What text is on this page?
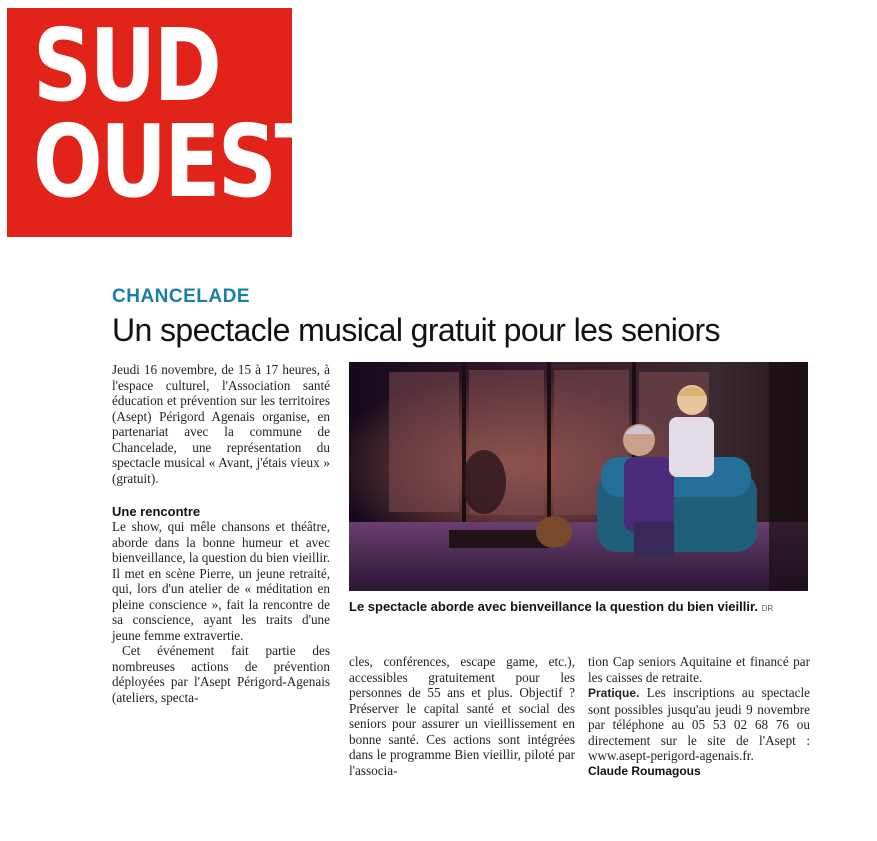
SUD
OUEST
CHANCELADE
Un spectacle musical gratuit pour les seniors

Jeudi 16 novembre, de 15 à 17 heures, à l'espace culturel, l'Association santé éducation et prévention sur les territoires (Asept) Périgord Agenais organise, en partenariat avec la commune de Chancelade, une représentation du spectacle musical « Avant, j'étais vieux » (gratuit).

Une rencontre

Le show, qui mêle chansons et théâtre, aborde dans la bonne humeur et avec bienveillance, la question du bien vieillir. Il met en scène Pierre, un jeune retraité, qui, lors d'un atelier de « méditation en pleine conscience », fait la rencontre de sa conscience, ayant les traits d'une jeune femme extravertie.

Cet événement fait partie des nombreuses actions de prévention déployées par l'Asept Périgord-Agenais (ateliers, specta-

Le spectacle aborde avec bienveillance la question du bien vieillir. DR

cles, conférences, escape game, etc.), accessibles gratuitement pour les personnes de 55 ans et plus. Objectif ? Préserver le capital santé et social des seniors pour assurer un vieillissement en bonne santé. Ces actions sont intégrées dans le programme Bien vieillir, piloté par l'associa-

tion Cap seniors Aquitaine et financé par les caisses de retraite.

Pratique. Les inscriptions au spectacle sont possibles jusqu'au jeudi 9 novembre par téléphone au 05 53 02 68 76 ou directement sur le site de l'Asept : www.asept-perigord-agenais.fr.

Claude Roumagous
